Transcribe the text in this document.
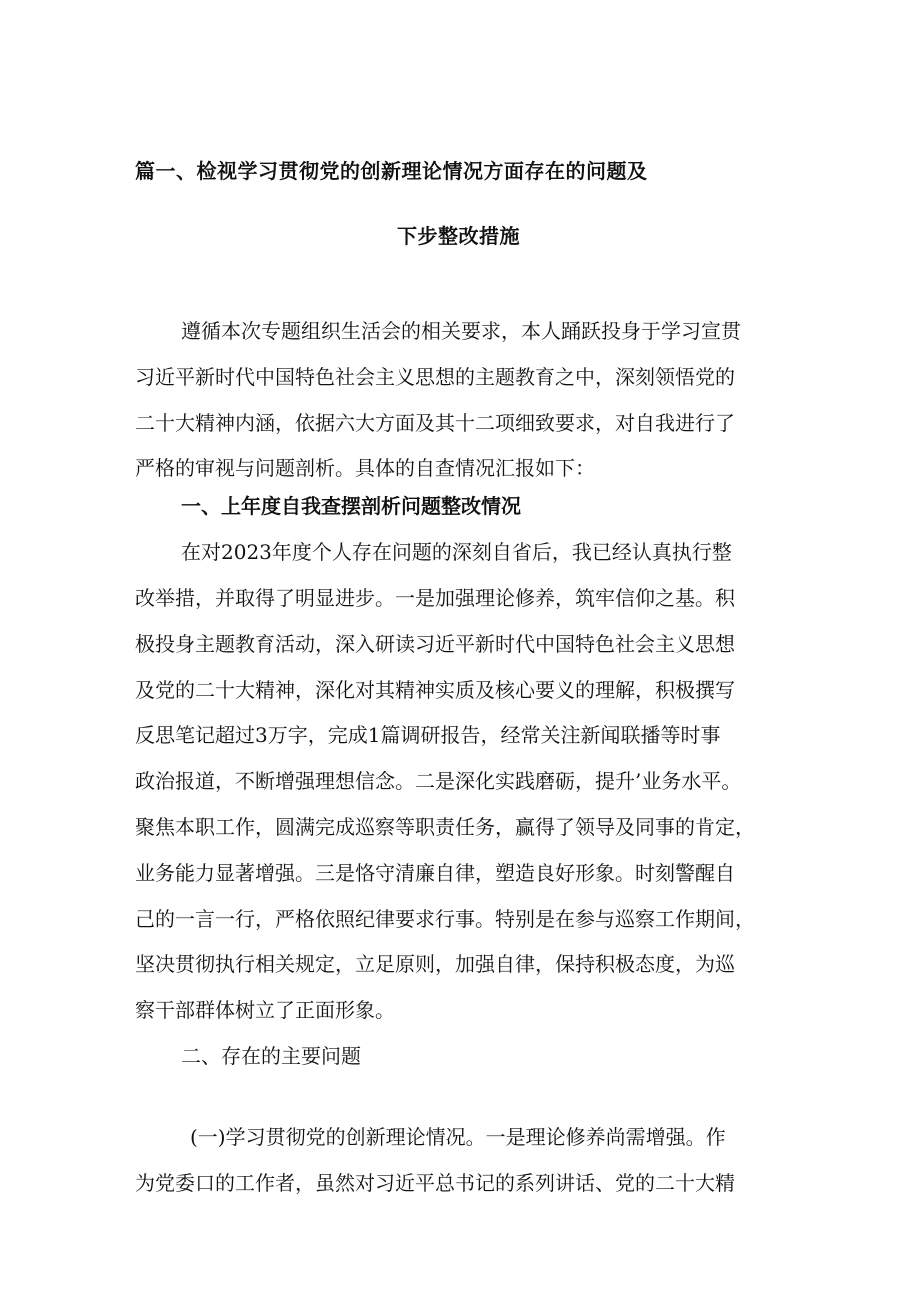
篇一、检视学习贯彻党的创新理论情况方面存在的问题及
下步整改措施
遵循本次专题组织生活会的相关要求，本人踊跃投身于学习宣贯
习近平新时代中国特色社会主义思想的主题教育之中，深刻领悟党的
二十大精神内涵，依据六大方面及其十二项细致要求，对自我进行了
严格的审视与问题剖析。具体的自查情况汇报如下：
一、上年度自我查摆剖析问题整改情况
在对2023年度个人存在问题的深刻自省后，我已经认真执行整
改举措，并取得了明显进步。一是加强理论修养，筑牢信仰之基。积
极投身主题教育活动，深入研读习近平新时代中国特色社会主义思想
及党的二十大精神，深化对其精神实质及核心要义的理解，积极撰写
反思笔记超过3万字，完成1篇调研报告，经常关注新闻联播等时事
政治报道，不断增强理想信念。二是深化实践磨砺，提升’业务水平。
聚焦本职工作，圆满完成巡察等职责任务，赢得了领导及同事的肯定，
业务能力显著增强。三是恪守清廉自律，塑造良好形象。时刻警醒自
己的一言一行，严格依照纪律要求行事。特别是在参与巡察工作期间，
坚决贯彻执行相关规定，立足原则，加强自律，保持积极态度，为巡
察干部群体树立了正面形象。
二、存在的主要问题
(一)学习贯彻党的创新理论情况。一是理论修养尚需增强。作
为党委口的工作者，虽然对习近平总书记的系列讲话、党的二十大精
